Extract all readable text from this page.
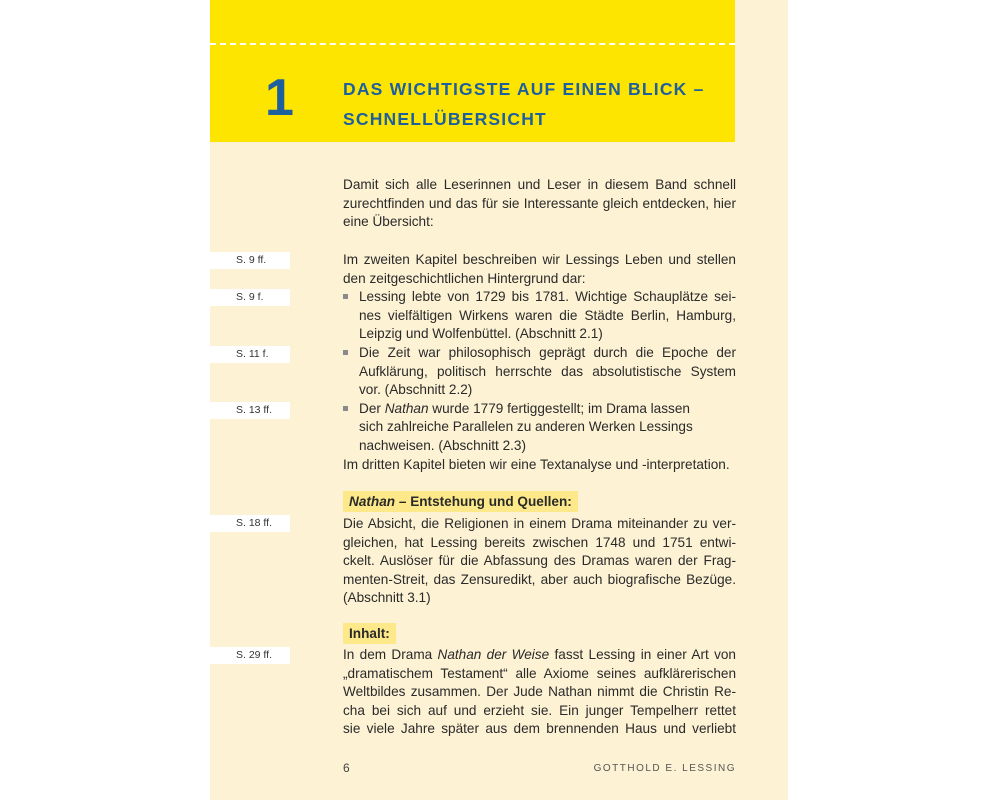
1	DAS WICHTIGSTE AUF EINEN BLICK –
SCHNELLÜBERSICHT
Damit sich alle Leserinnen und Leser in diesem Band schnell
zurechtfinden und das für sie Interessante gleich entdecken, hier
eine Übersicht:
S. 9 ff.
S. 9 f.
S. 11 f.
S. 13 ff.
S. 18 ff.
S. 29 ff.
Im zweiten Kapitel beschreiben wir Lessings Leben und stellen
den zeitgeschichtlichen Hintergrund dar:
Lessing lebte von 1729 bis 1781. Wichtige Schauplätze sei-
nes vielfältigen Wirkens waren die Städte Berlin, Hamburg,
Leipzig und Wolfenbüttel. (Abschnitt 2.1)
Die Zeit war philosophisch geprägt durch die Epoche der
Aufklärung, politisch herrschte das absolutistische System
vor. (Abschnitt 2.2)
Der Nathan wurde 1779 fertiggestellt; im Drama lassen
sich zahlreiche Parallelen zu anderen Werken Lessings
nachweisen. (Abschnitt 2.3)
Im dritten Kapitel bieten wir eine Textanalyse und -interpretation.
Nathan – Entstehung und Quellen:
Die Absicht, die Religionen in einem Drama miteinander zu ver-
gleichen, hat Lessing bereits zwischen 1748 und 1751 entwi-
ckelt. Auslöser für die Abfassung des Dramas waren der Frag-
menten-Streit, das Zensuredikt, aber auch biografische Bezüge.
(Abschnitt 3.1)
Inhalt:
In dem Drama Nathan der Weise fasst Lessing in einer Art von
„dramatischem Testament“ alle Axiome seines aufklärerischen
Weltbildes zusammen. Der Jude Nathan nimmt die Christin Re-
cha bei sich auf und erzieht sie. Ein junger Tempelherr rettet
sie viele Jahre später aus dem brennenden Haus und verliebt
6	GOTTHOLD E. LESSING
